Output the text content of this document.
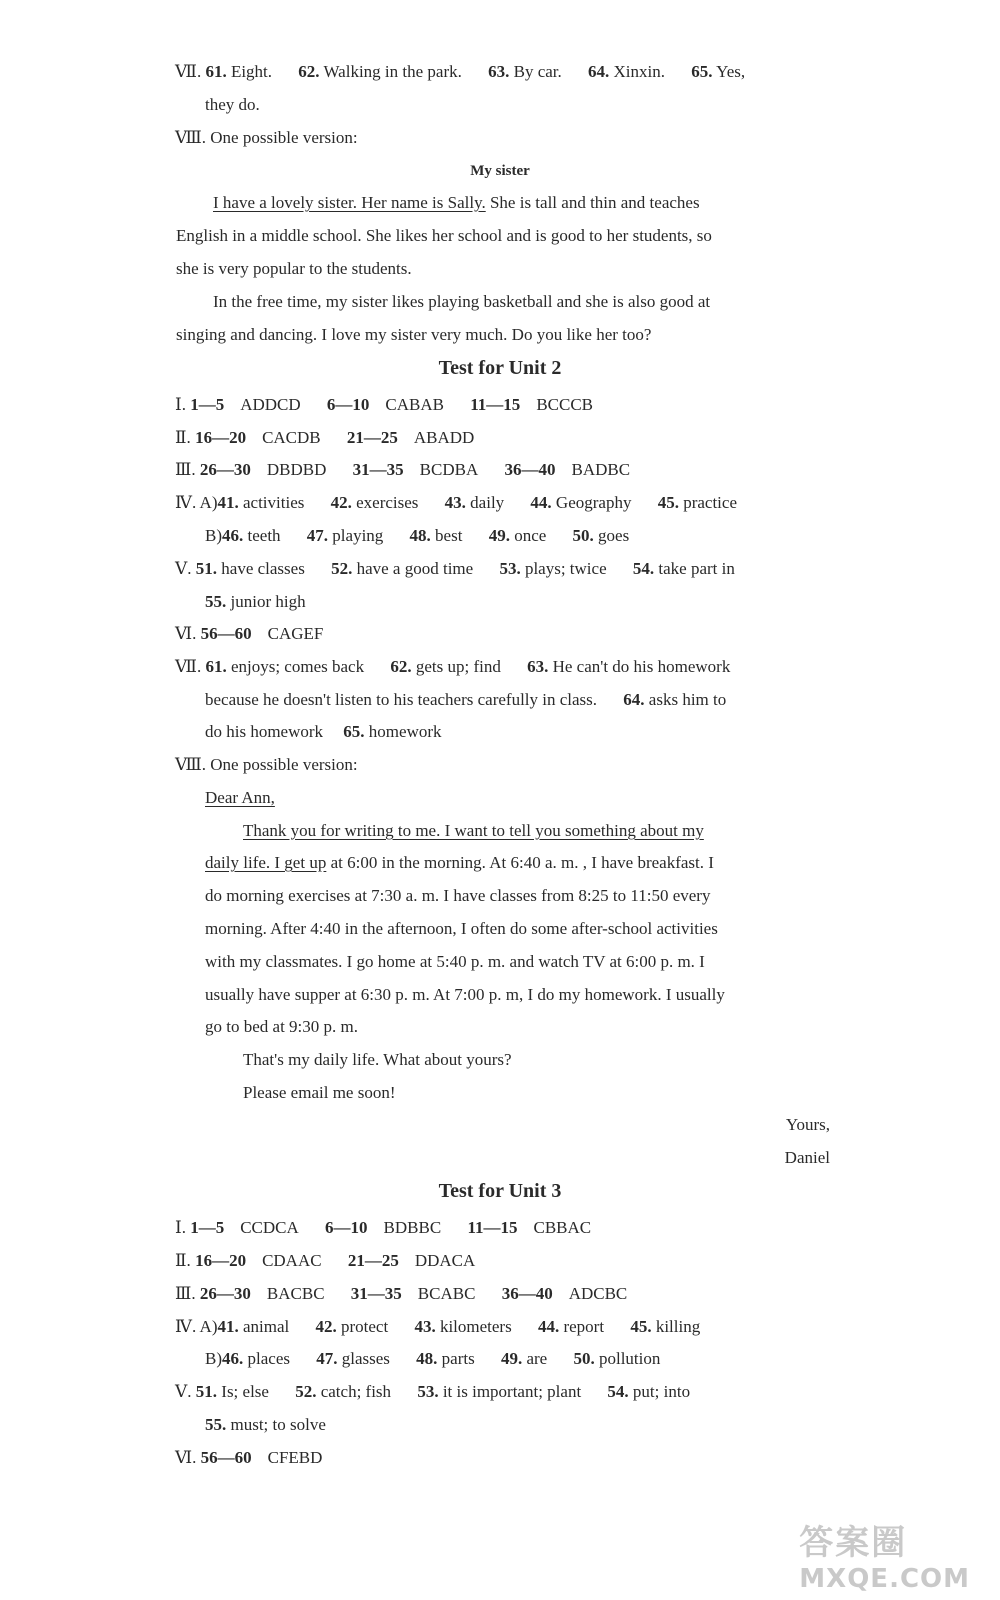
Ⅶ. 61. Eight. 62. Walking in the park. 63. By car. 64. Xinxin. 65. Yes,
they do.
Ⅷ. One possible version:
My sister
I have a lovely sister. Her name is Sally. She is tall and thin and teaches
English in a middle school. She likes her school and is good to her students, so
she is very popular to the students.
In the free time, my sister likes playing basketball and she is also good at
singing and dancing. I love my sister very much. Do you like her too?
Test for Unit 2
Ⅰ. 1—5 ADDCD 6—10 CABAB 11—15 BCCCB
Ⅱ. 16—20 CACDB 21—25 ABADD
Ⅲ. 26—30 DBDBD 31—35 BCDBA 36—40 BADBC
Ⅳ. A)41. activities 42. exercises 43. daily 44. Geography 45. practice
B)46. teeth 47. playing 48. best 49. once 50. goes
Ⅴ. 51. have classes 52. have a good time 53. plays; twice 54. take part in
55. junior high
Ⅵ. 56—60 CAGEF
Ⅶ. 61. enjoys; comes back 62. gets up; find 63. He can't do his homework
because he doesn't listen to his teachers carefully in class. 64. asks him to
do his homework 65. homework
Ⅷ. One possible version:
Dear Ann,
Thank you for writing to me. I want to tell you something about my
daily life. I get up at 6:00 in the morning. At 6:40 a. m. , I have breakfast. I
do morning exercises at 7:30 a. m. I have classes from 8:25 to 11:50 every
morning. After 4:40 in the afternoon, I often do some after-school activities
with my classmates. I go home at 5:40 p. m. and watch TV at 6:00 p. m. I
usually have supper at 6:30 p. m. At 7:00 p. m, I do my homework. I usually
go to bed at 9:30 p. m.
That's my daily life. What about yours?
Please email me soon!
Yours,
Daniel
Test for Unit 3
Ⅰ. 1—5 CCDCA 6—10 BDBBC 11—15 CBBAC
Ⅱ. 16—20 CDAAC 21—25 DDACA
Ⅲ. 26—30 BACBC 31—35 BCABC 36—40 ADCBC
Ⅳ. A)41. animal 42. protect 43. kilometers 44. report 45. killing
B)46. places 47. glasses 48. parts 49. are 50. pollution
Ⅴ. 51. Is; else 52. catch; fish 53. it is important; plant 54. put; into
55. must; to solve
Ⅵ. 56—60 CFEBD
答案圈
MXQE.COM
